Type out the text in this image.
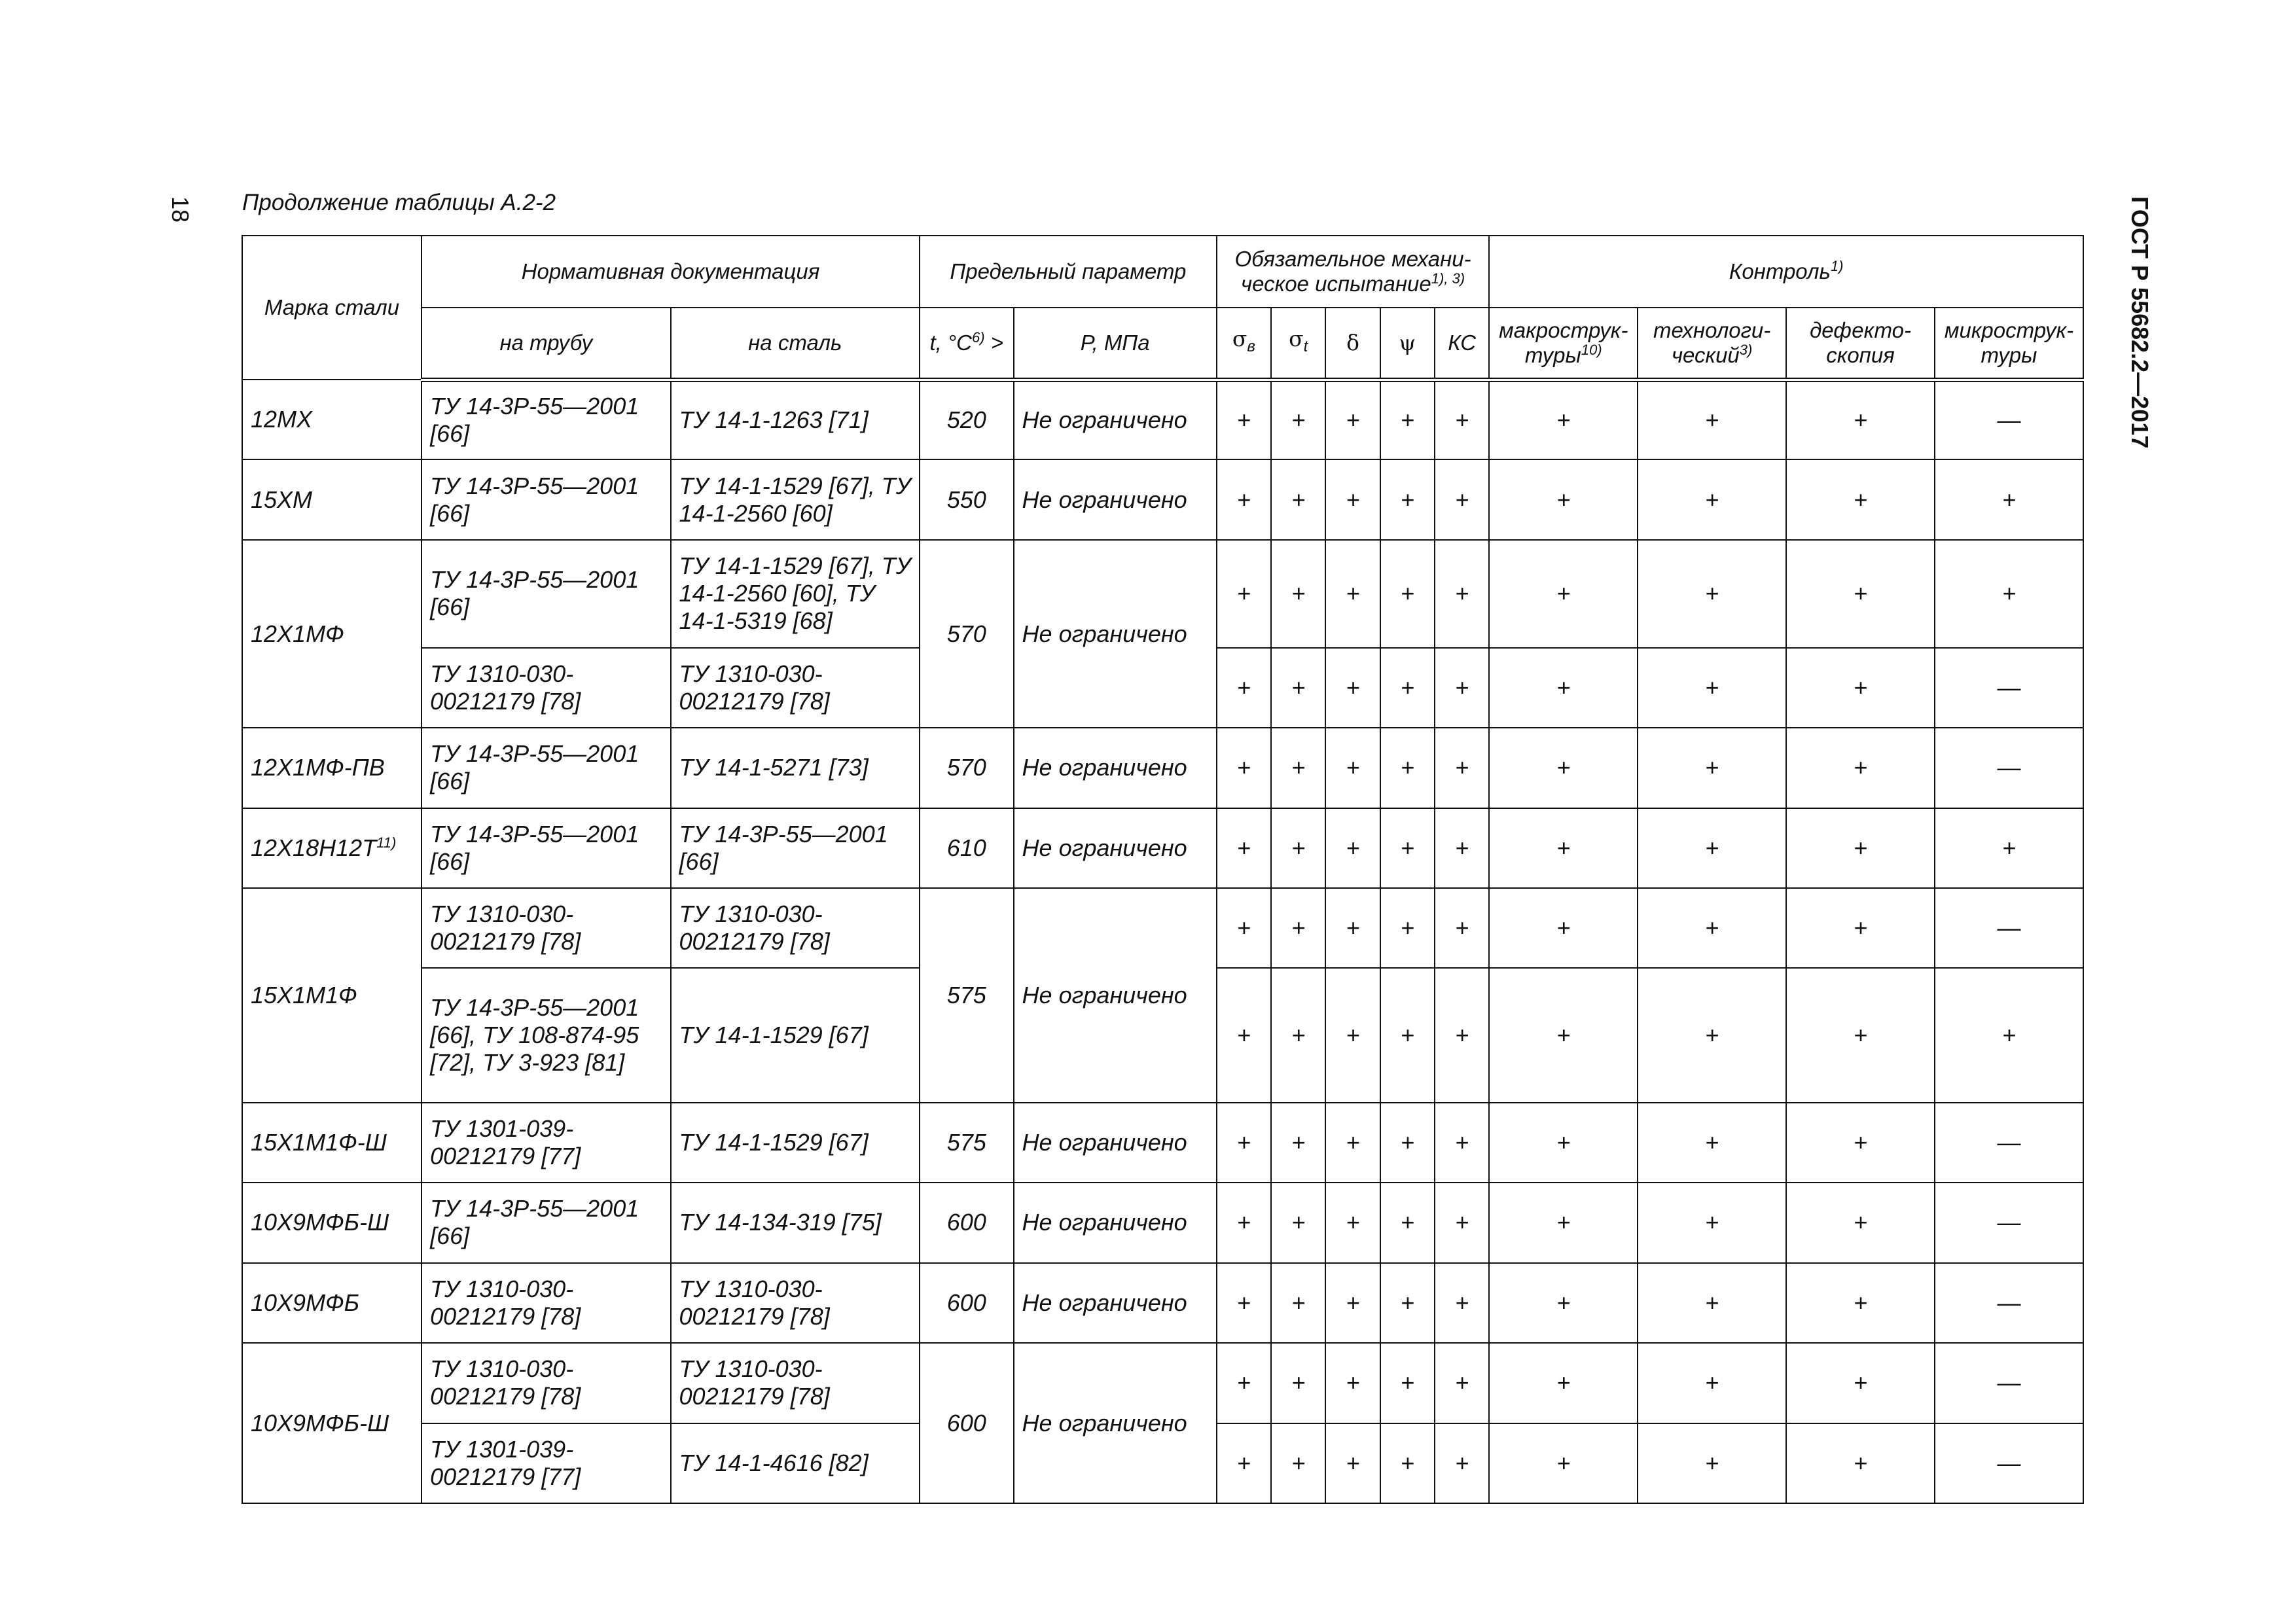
18	ГОСТ Р 55682.2—2017
Продолжение таблицы А.2-2
Марка стали	Нормативная документация		Предельный параметр		Обязательное механи-ческое испытание$^{1), 3)}$					Контроль$^{1)}$
	на трубу	на сталь	t, $^\circ C^{6)}$ >	P, МПа	$\sigma_в$	$\sigma_t$	δ	ψ	КС	макрострук-туры$^{10)}$	технологи-ческий$^{3)}$	дефекто-скопия	микрострук-туры
12МХ	ТУ 14-3Р-55—2001 [66]	ТУ 14-1-1263 [71]	520	Не ограничено	+	+	+	+	+	+	+	+	—
15ХМ	ТУ 14-3Р-55—2001 [66]	ТУ 14-1-1529 [67], ТУ 14-1-2560 [60]	550	Не ограничено	+	+	+	+	+	+	+	+	+
12Х1МФ	ТУ 14-3Р-55—2001 [66]	ТУ 14-1-1529 [67], ТУ 14-1-2560 [60], ТУ 14-1-5319 [68]	570	Не ограничено	+	+	+	+	+	+	+	+	+
	ТУ 1310-030-00212179 [78]	ТУ 1310-030-00212179 [78]			+	+	+	+	+	+	+	+	—
12Х1МФ-ПВ	ТУ 14-3Р-55—2001 [66]	ТУ 14-1-5271 [73]	570	Не ограничено	+	+	+	+	+	+	+	+	—
$12Х18Н12Т^{11)}$	ТУ 14-3Р-55—2001 [66]	ТУ 14-3Р-55—2001 [66]	610	Не ограничено	+	+	+	+	+	+	+	+	+
15Х1М1Ф	ТУ 1310-030-00212179 [78]	ТУ 1310-030-00212179 [78]	575	Не ограничено	+	+	+	+	+	+	+	+	—
	ТУ 14-3Р-55—2001 [66], ТУ 108-874-95 [72], ТУ 3-923 [81]	ТУ 14-1-1529 [67]			+	+	+	+	+	+	+	+	+
15Х1М1Ф-Ш	ТУ 1301-039-00212179 [77]	ТУ 14-1-1529 [67]	575	Не ограничено	+	+	+	+	+	+	+	+	—
10Х9МФБ-Ш	ТУ 14-3Р-55—2001 [66]	ТУ 14-134-319 [75]	600	Не ограничено	+	+	+	+	+	+	+	+	—
10Х9МФБ	ТУ 1310-030-00212179 [78]	ТУ 1310-030-00212179 [78]	600	Не ограничено	+	+	+	+	+	+	+	+	—
10Х9МФБ-Ш	ТУ 1310-030-00212179 [78]	ТУ 1310-030-00212179 [78]	600	Не ограничено	+	+	+	+	+	+	+	+	—
	ТУ 1301-039-00212179 [77]	ТУ 14-1-4616 [82]			+	+	+	+	+	+	+	+	—
